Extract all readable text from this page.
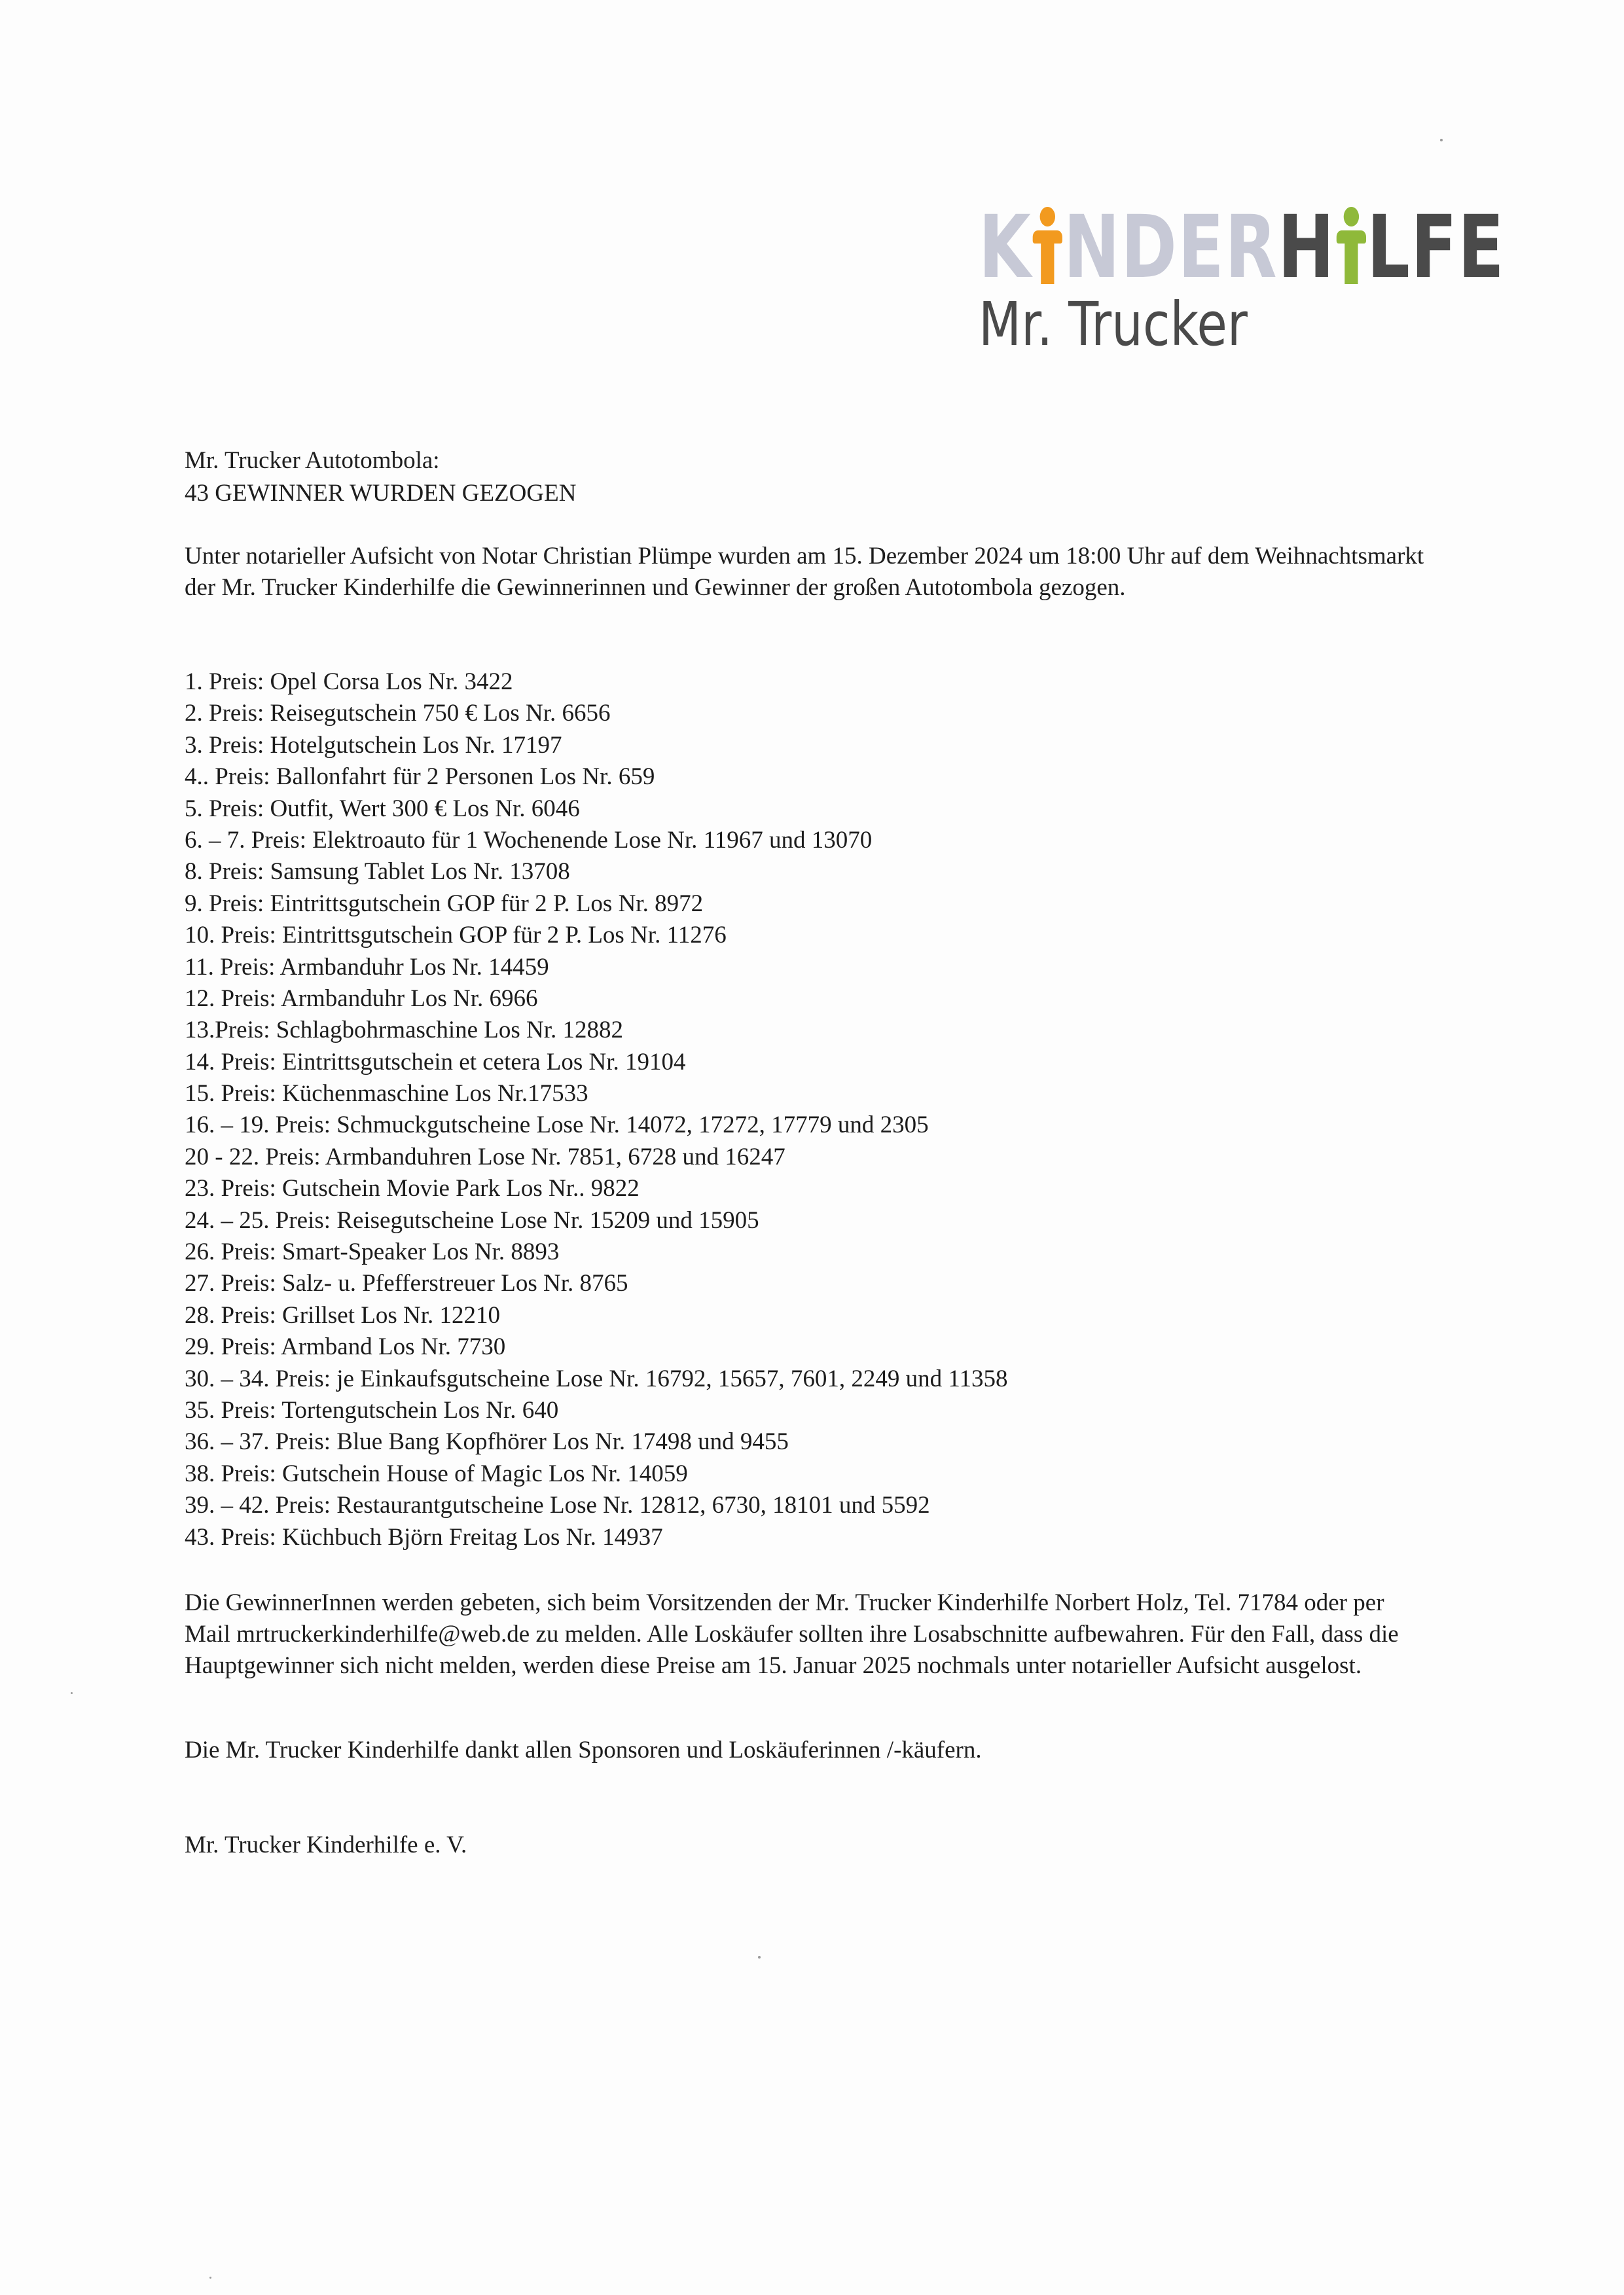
K NDERH LFE
Mr. Trucker
Mr. Trucker Autotombola:
43 GEWINNER WURDEN GEZOGEN

Unter notarieller Aufsicht von Notar Christian Plümpe wurden am 15. Dezember 2024 um 18:00 Uhr auf dem Weihnachtsmarkt der Mr. Trucker Kinderhilfe die Gewinnerinnen und Gewinner der großen Autotombola gezogen.

1. Preis: Opel Corsa Los Nr. 3422
2. Preis: Reisegutschein 750 € Los Nr. 6656
3. Preis: Hotelgutschein Los Nr. 17197
4.. Preis: Ballonfahrt für 2 Personen Los Nr. 659
5. Preis: Outfit, Wert 300 € Los Nr. 6046
6. – 7. Preis: Elektroauto für 1 Wochenende Lose Nr. 11967 und 13070
8. Preis: Samsung Tablet Los Nr. 13708
9. Preis: Eintrittsgutschein GOP für 2 P. Los Nr. 8972
10. Preis: Eintrittsgutschein GOP für 2 P. Los Nr. 11276
11. Preis: Armbanduhr Los Nr. 14459
12. Preis: Armbanduhr Los Nr. 6966
13.Preis: Schlagbohrmaschine Los Nr. 12882
14. Preis: Eintrittsgutschein et cetera Los Nr. 19104
15. Preis: Küchenmaschine Los Nr.17533
16. – 19. Preis: Schmuckgutscheine Lose Nr. 14072, 17272, 17779 und 2305
20 - 22. Preis: Armbanduhren Lose Nr. 7851, 6728 und 16247
23. Preis: Gutschein Movie Park Los Nr.. 9822
24. – 25. Preis: Reisegutscheine Lose Nr. 15209 und 15905
26. Preis: Smart-Speaker Los Nr. 8893
27. Preis: Salz- u. Pfefferstreuer Los Nr. 8765
28. Preis: Grillset Los Nr. 12210
29. Preis: Armband Los Nr. 7730
30. – 34. Preis: je Einkaufsgutscheine Lose Nr. 16792, 15657, 7601, 2249 und 11358
35. Preis: Tortengutschein Los Nr. 640
36. – 37. Preis: Blue Bang Kopfhörer Los Nr. 17498 und 9455
38. Preis: Gutschein House of Magic Los Nr. 14059
39. – 42. Preis: Restaurantgutscheine Lose Nr. 12812, 6730, 18101 und 5592
43. Preis: Küchbuch Björn Freitag Los Nr. 14937
Die GewinnerInnen werden gebeten, sich beim Vorsitzenden der Mr. Trucker Kinderhilfe Norbert Holz, Tel. 71784 oder per Mail mrtruckerkinderhilfe@web.de zu melden. Alle Loskäufer sollten ihre Losabschnitte aufbewahren. Für den Fall, dass die Hauptgewinner sich nicht melden, werden diese Preise am 15. Januar 2025 nochmals unter notarieller Aufsicht ausgelost.
Die Mr. Trucker Kinderhilfe dankt allen Sponsoren und Loskäuferinnen /-käufern.
Mr. Trucker Kinderhilfe e. V.
